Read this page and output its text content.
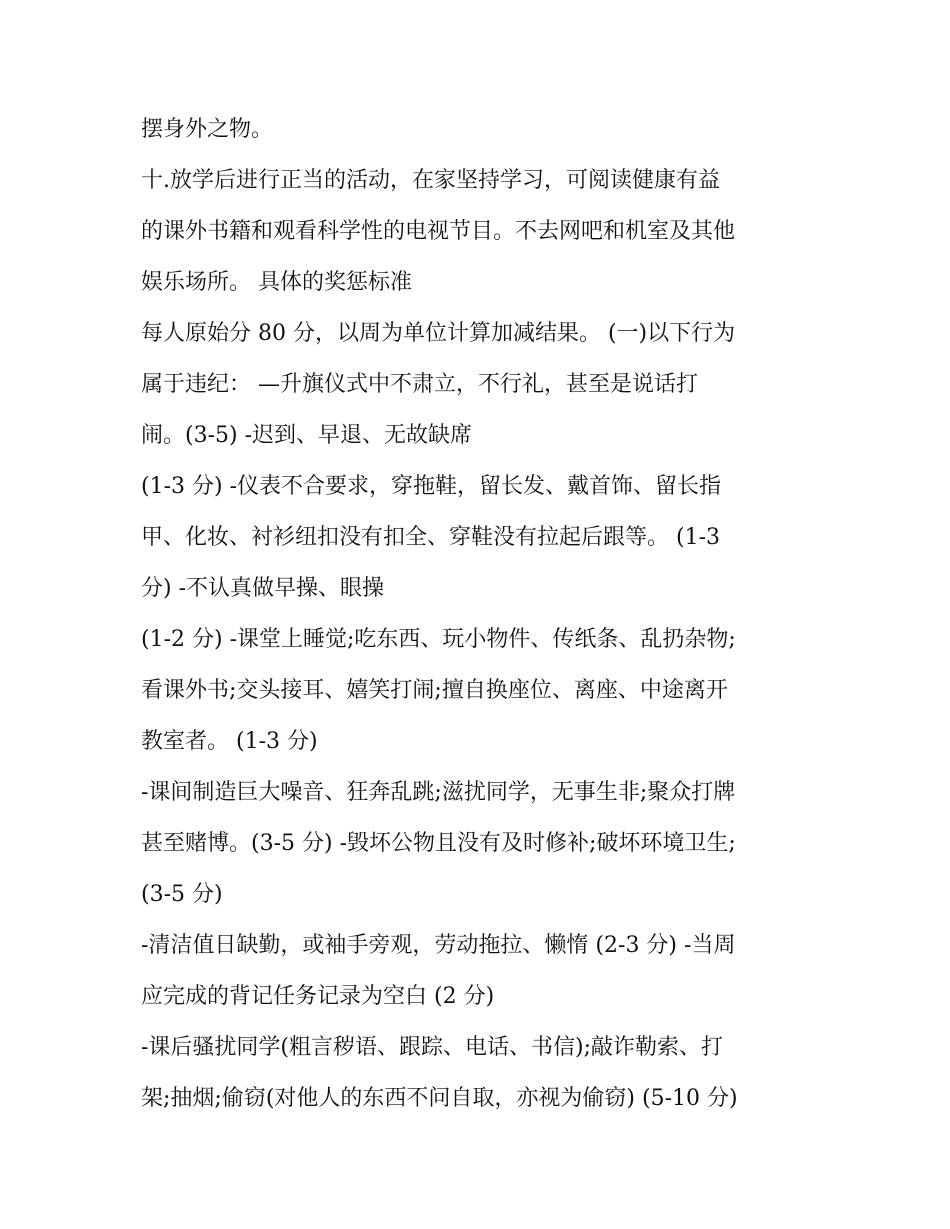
摆身外之物。
十.放学后进行正当的活动，在家坚持学习，可阅读健康有益
的课外书籍和观看科学性的电视节目。不去网吧和机室及其他
娱乐场所。 具体的奖惩标准
每人原始分 80 分，以周为单位计算加减结果。 (一)以下行为
属于违纪： —升旗仪式中不肃立，不行礼，甚至是说话打
闹。(3-5) -迟到、早退、无故缺席
(1-3 分) -仪表不合要求，穿拖鞋，留长发、戴首饰、留长指
甲、化妆、衬衫纽扣没有扣全、穿鞋没有拉起后跟等。 (1-3
分) -不认真做早操、眼操
(1-2 分) -课堂上睡觉;吃东西、玩小物件、传纸条、乱扔杂物;
看课外书;交头接耳、嬉笑打闹;擅自换座位、离座、中途离开
教室者。 (1-3 分)
-课间制造巨大噪音、狂奔乱跳;滋扰同学，无事生非;聚众打牌
甚至赌博。(3-5 分) -毁坏公物且没有及时修补;破坏环境卫生;
(3-5 分)
-清洁值日缺勤，或袖手旁观，劳动拖拉、懒惰 (2-3 分) -当周
应完成的背记任务记录为空白 (2 分)
-课后骚扰同学(粗言秽语、跟踪、电话、书信);敲诈勒索、打
架;抽烟;偷窃(对他人的东西不问自取，亦视为偷窃) (5-10 分)
